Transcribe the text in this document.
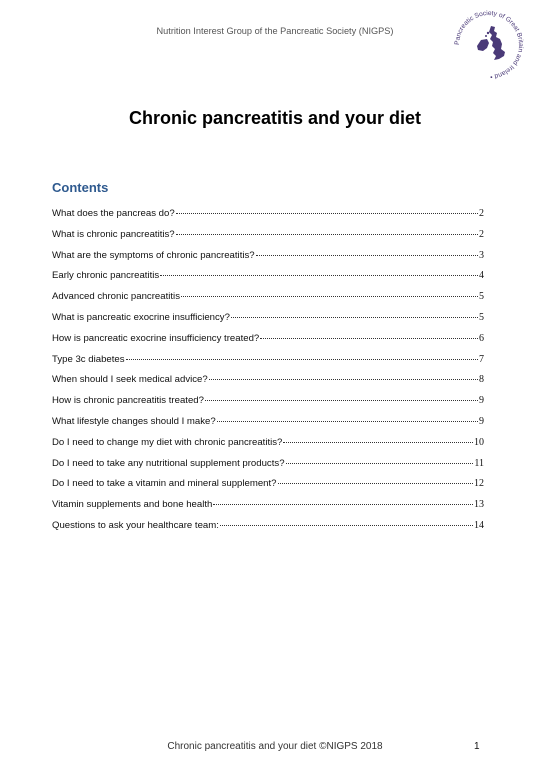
Nutrition Interest Group of the Pancreatic Society (NIGPS)
Pancreatic Society of Great Britain and Ireland •
Chronic pancreatitis and your diet
Contents
What does the pancreas do?	2
What is chronic pancreatitis?	2
What are the symptoms of chronic pancreatitis?	3
Early chronic pancreatitis	4
Advanced chronic pancreatitis	5
What is pancreatic exocrine insufficiency?	5
How is pancreatic exocrine insufficiency treated?	6
Type 3c diabetes	7
When should I seek medical advice?	8
How is chronic pancreatitis treated?	9
What lifestyle changes should I make?	9
Do I need to change my diet with chronic pancreatitis?	10
Do I need to take any nutritional supplement products?	11
Do I need to take a vitamin and mineral supplement?	12
Vitamin supplements and bone health	13
Questions to ask your healthcare team:	14
Chronic pancreatitis and your diet ©NIGPS 2018	1
